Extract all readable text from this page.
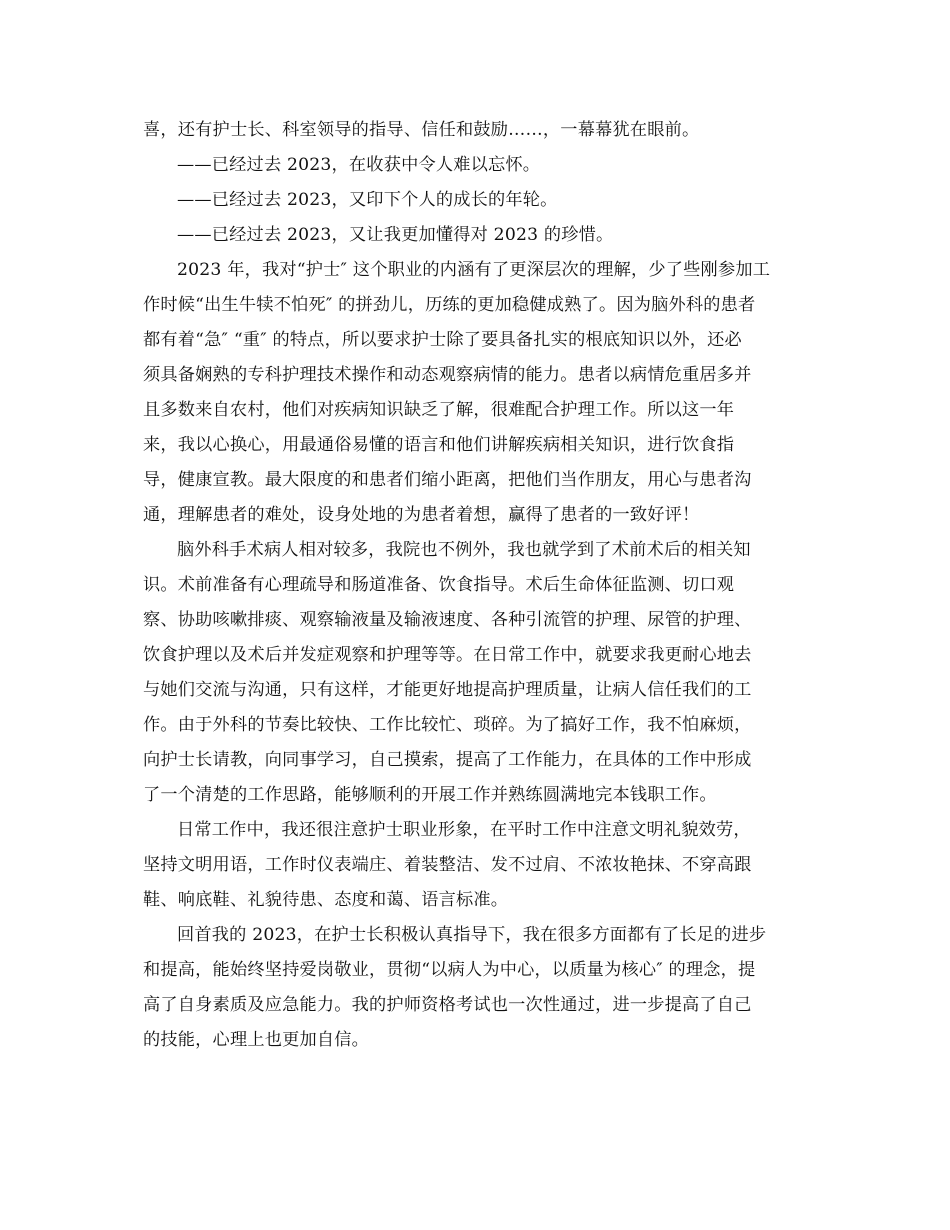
喜，还有护士长、科室领导的指导、信任和鼓励……，一幕幕犹在眼前。
——已经过去 2023，在收获中令人难以忘怀。
——已经过去 2023，又印下个人的成长的年轮。
——已经过去 2023，又让我更加懂得对 2023 的珍惜。
2023 年，我对“护士″ 这个职业的内涵有了更深层次的理解，少了些刚参加工
作时候“出生牛犊不怕死″ 的拼劲儿，历练的更加稳健成熟了。因为脑外科的患者
都有着“急″ “重″ 的特点，所以要求护士除了要具备扎实的根底知识以外，还必
须具备娴熟的专科护理技术操作和动态观察病情的能力。患者以病情危重居多并
且多数来自农村，他们对疾病知识缺乏了解，很难配合护理工作。所以这一年
来，我以心换心，用最通俗易懂的语言和他们讲解疾病相关知识，进行饮食指
导，健康宣教。最大限度的和患者们缩小距离，把他们当作朋友，用心与患者沟
通，理解患者的难处，设身处地的为患者着想，赢得了患者的一致好评！
脑外科手术病人相对较多，我院也不例外，我也就学到了术前术后的相关知
识。术前准备有心理疏导和肠道准备、饮食指导。术后生命体征监测、切口观
察、协助咳嗽排痰、观察输液量及输液速度、各种引流管的护理、尿管的护理、
饮食护理以及术后并发症观察和护理等等。在日常工作中，就要求我更耐心地去
与她们交流与沟通，只有这样，才能更好地提高护理质量，让病人信任我们的工
作。由于外科的节奏比较快、工作比较忙、琐碎。为了搞好工作，我不怕麻烦，
向护士长请教，向同事学习，自己摸索，提高了工作能力，在具体的工作中形成
了一个清楚的工作思路，能够顺利的开展工作并熟练圆满地完本钱职工作。
日常工作中，我还很注意护士职业形象，在平时工作中注意文明礼貌效劳，
坚持文明用语，工作时仪表端庄、着装整洁、发不过肩、不浓妆艳抹、不穿高跟
鞋、响底鞋、礼貌待患、态度和蔼、语言标准。
回首我的 2023，在护士长积极认真指导下，我在很多方面都有了长足的进步
和提高，能始终坚持爱岗敬业，贯彻“以病人为中心，以质量为核心″ 的理念，提
高了自身素质及应急能力。我的护师资格考试也一次性通过，进一步提高了自己
的技能，心理上也更加自信。
